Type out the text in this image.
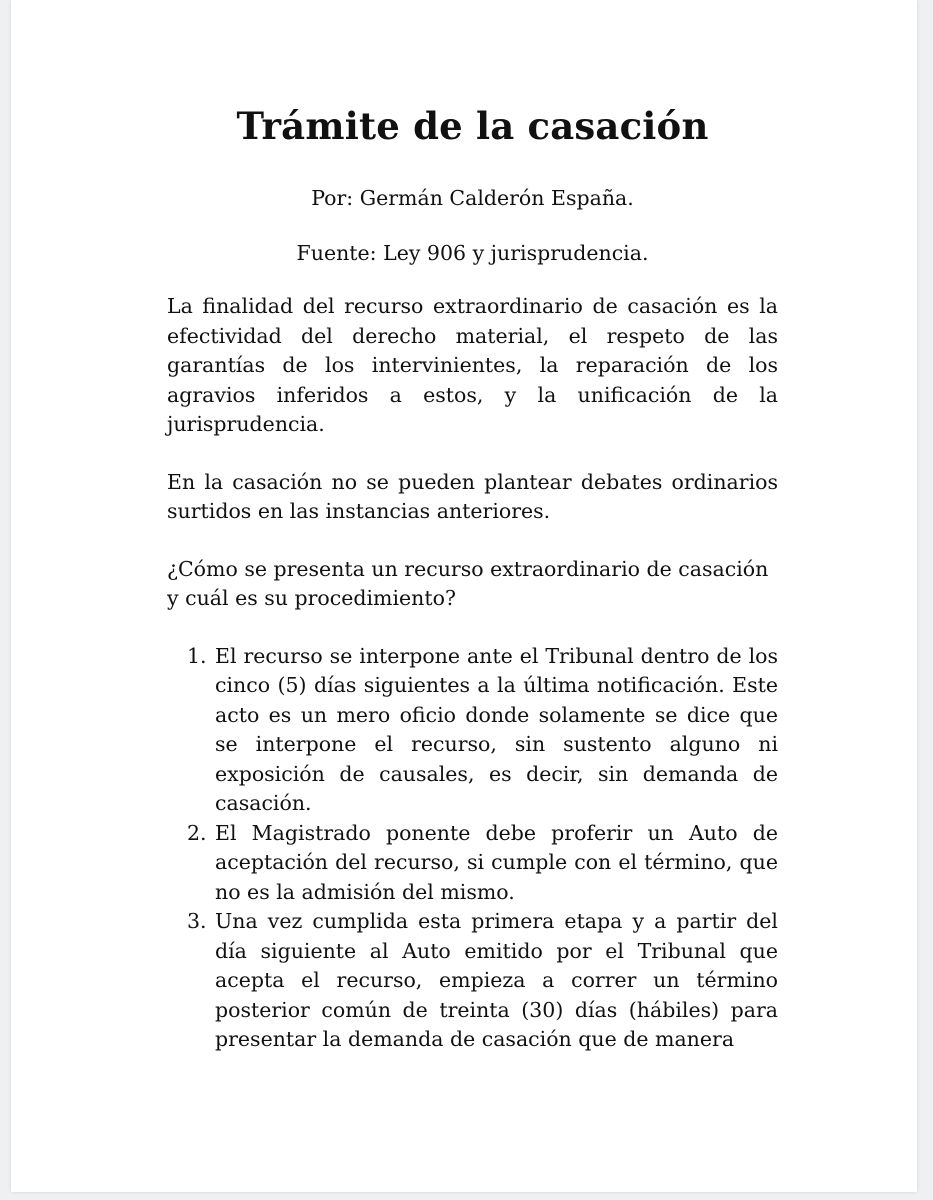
Trámite de la casación

Por: Germán Calderón España.

Fuente: Ley 906 y jurisprudencia.

La finalidad del recurso extraordinario de casación es la efectividad del derecho material, el respeto de las garantías de los intervinientes, la reparación de los agravios inferidos a estos, y la unificación de la jurisprudencia.

En la casación no se pueden plantear debates ordinarios surtidos en las instancias anteriores.

¿Cómo se presenta un recurso extraordinario de casación y cuál es su procedimiento?

1. El recurso se interpone ante el Tribunal dentro de los cinco (5) días siguientes a la última notificación. Este acto es un mero oficio donde solamente se dice que se interpone el recurso, sin sustento alguno ni exposición de causales, es decir, sin demanda de casación.
2. El Magistrado ponente debe proferir un Auto de aceptación del recurso, si cumple con el término, que no es la admisión del mismo.
3. Una vez cumplida esta primera etapa y a partir del día siguiente al Auto emitido por el Tribunal que acepta el recurso, empieza a correr un término posterior común de treinta (30) días (hábiles) para presentar la demanda de casación que de manera
